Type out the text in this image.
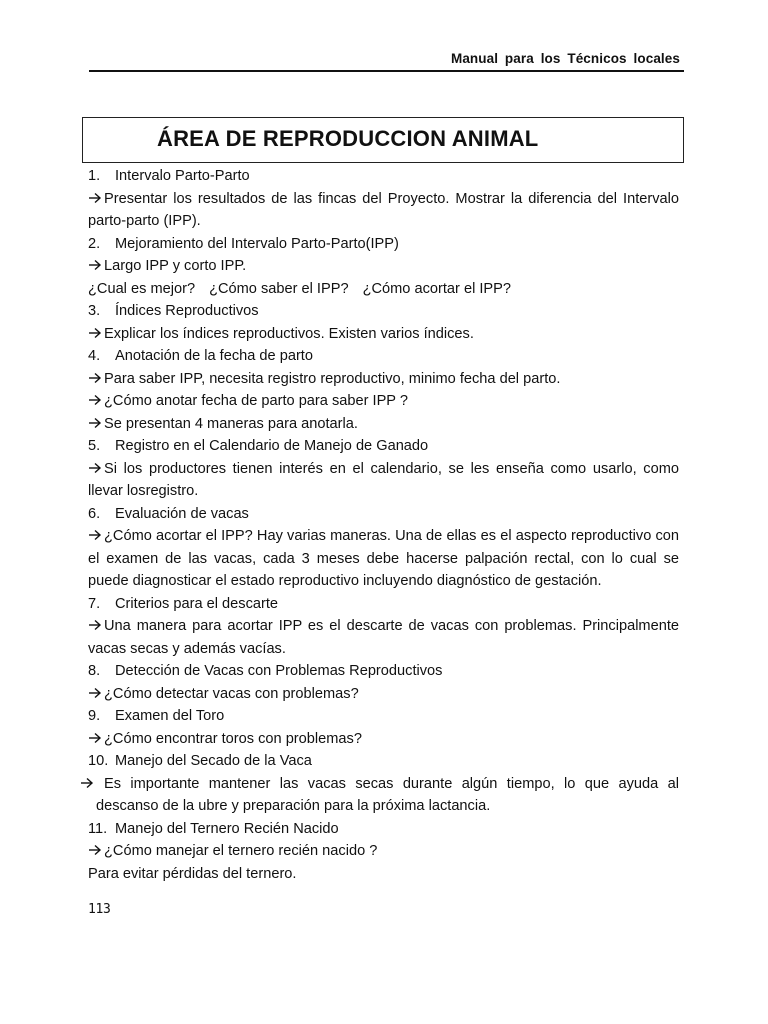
Manual para los Técnicos locales
ÁREA DE REPRODUCCION ANIMAL
1. Intervalo Parto-Parto
Presentar los resultados de las fincas del Proyecto. Mostrar la diferencia del Intervalo parto-parto (IPP).
2. Mejoramiento del Intervalo Parto-Parto(IPP)
Largo IPP y corto IPP.
¿Cual es mejor? ¿Cómo saber el IPP? ¿Cómo acortar el IPP?
3. Índices Reproductivos
Explicar los índices reproductivos. Existen varios índices.
4. Anotación de la fecha de parto
Para saber IPP, necesita registro reproductivo, minimo fecha del parto.
¿Cómo anotar fecha de parto para saber IPP ?
Se presentan 4 maneras para anotarla.
5. Registro en el Calendario de Manejo de Ganado
Si los productores tienen interés en el calendario, se les enseña como usarlo, como llevar losregistro.
6. Evaluación de vacas
¿Cómo acortar el IPP? Hay varias maneras. Una de ellas es el aspecto reproductivo con el examen de las vacas, cada 3 meses debe hacerse palpación rectal, con lo cual se puede diagnosticar el estado reproductivo incluyendo diagnóstico de gestación.
7. Criterios para el descarte
Una manera para acortar IPP es el descarte de vacas con problemas. Principalmente vacas secas y además vacías.
8. Detección de Vacas con Problemas Reproductivos
¿Cómo detectar vacas con problemas?
9. Examen del Toro
¿Cómo encontrar toros con problemas?
10. Manejo del Secado de la Vaca
Es importante mantener las vacas secas durante algún tiempo, lo que ayuda al descanso de la ubre y preparación para la próxima lactancia.
11. Manejo del Ternero Recién Nacido
¿Cómo manejar el ternero recién nacido ?
Para evitar pérdidas del ternero.
113
